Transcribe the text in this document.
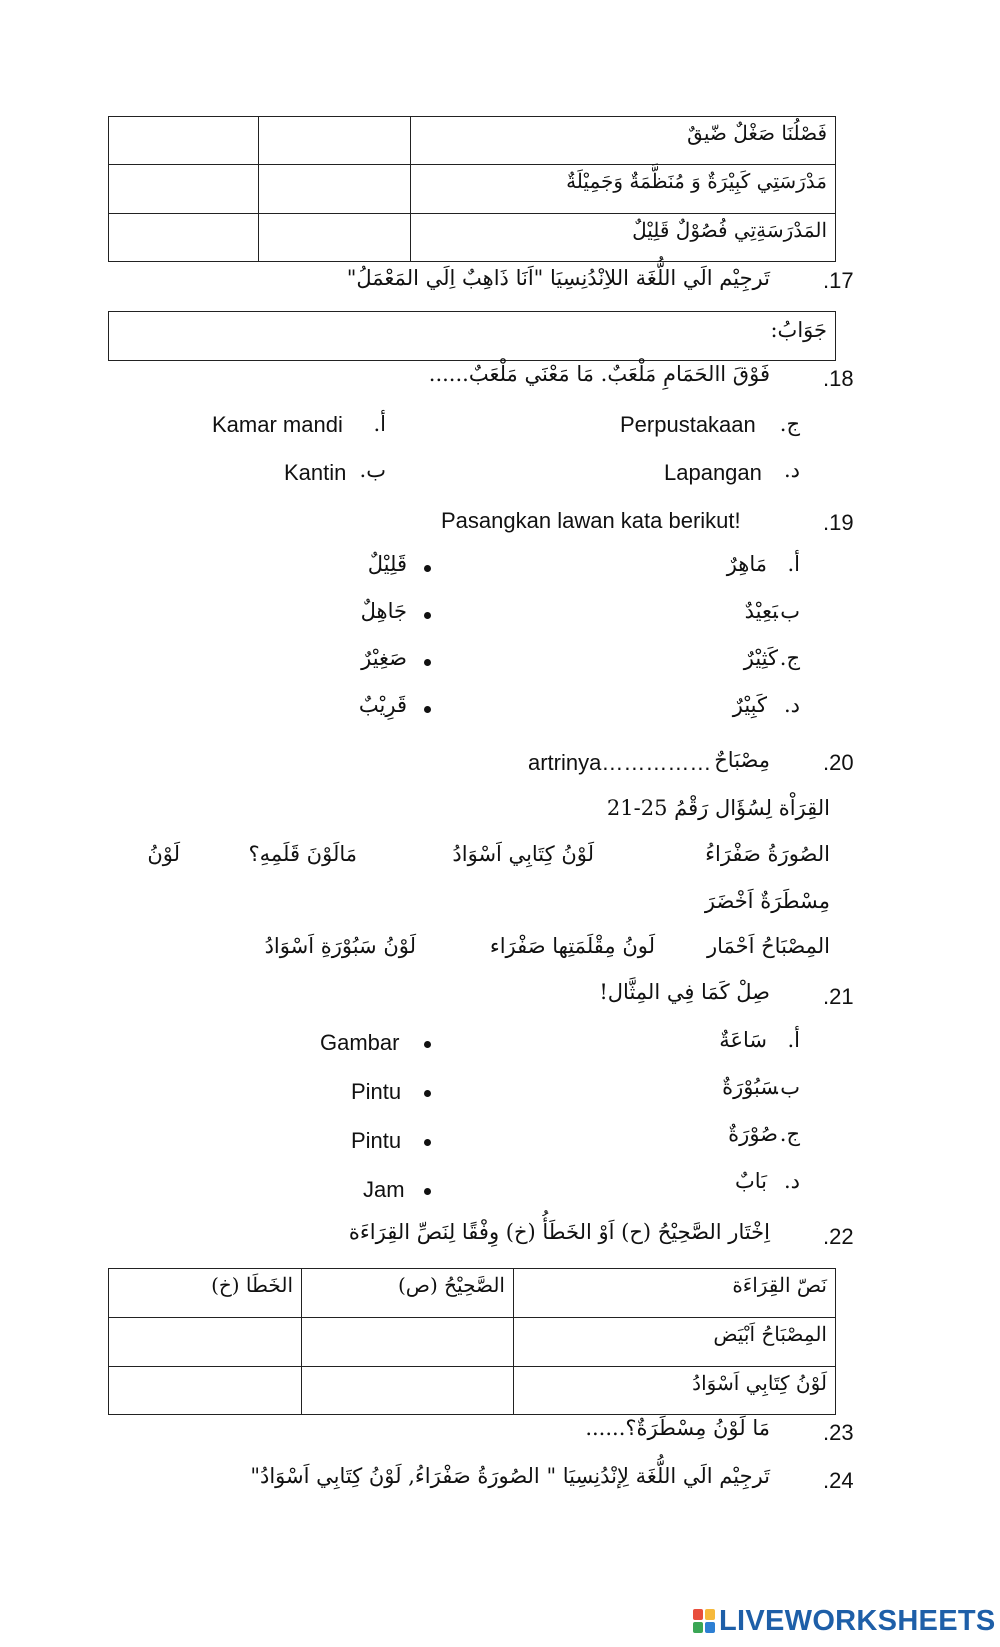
		فَصْلُنَا صَغْلٌ ضّيقٌ
		مَدْرَسَتِي كَبِيْرَةٌ وَ مُنَظَّمَةٌ وَجَمِيْلَةٌ
		المَدْرَسَةِتِي فُصُوْلٌ قَلِيْلٌ
.17
تَرجِيْم الَي اللُّغَة اللاِنْدُنِسِيَا "اَنَا ذَاهِبٌ اِلَي المَعْمَلُ"
جَوَابُ:
.18
فَوْقَ االحَمَامِ مَلْعَبٌ. مَا مَعْنَي مَلْعَبٌ......
Kamar mandi أ.
Kantin ب.
Perpustakaan ج.
Lapangan د.
.19
Pasangkan lawan kata berikut!
أ.
مَاهِرٌ
ب.
بَعِيْدٌ
ج.
كَثِيْرٌ
د.
كَبِيْرٌ
قَلِيْلٌ
جَاهِلٌ
صَغِيْرٌ
قَرِيْبٌ
.20
مِصْبَاحٌ
artrinya……………
القِرَاْة لِسُؤَال رَقْمُ 25-21
الصُورَةُ صَفْرَاءُ
لَوْنُ كِتَابِي اَسْوَادُ
مَالَوْنَ قَلَمِهِ؟
لَوْنُ
مِسْطَرَةٌ اَخْضَرَ
المِصْبَاحُ اَحْمَار
لَونُ مِقْلَمَتِها صَفْرَاء
لَوْنُ سَبُوْرَةِ اَسْوَادُ
.21
صِلْ كَمَا فِي المِثَّال!
أ.
سَاعَةٌ
ب.
سَبُوْرَةٌ
ج.
صُوْرَةٌ
د.
بَابٌ
Gambar
Pintu
Pintu
Jam
.22
اِخْتَار الصَّحِيْحُ (ح) اَوْ الخَطَأُ (خ) وِفْقًا لِنَصِّ القِرَاءَة
الخَطَا (خ)	الصَّحِيْحُ (ص)	نَصّ القِرَاءَة
		المِصْبَاحُ اَبْيَض
		لَوْنُ كِتَابِي اَسْوَادُ
.23
مَا لَوْنُ مِسْطَرَةٌ؟......
.24
تَرجِيْم الَي اللُّغَة لِإنْدُنِسِيَا " الصُورَةُ صَفْرَاءُ, لَوْنُ كِتَابِي اَسْوَادُ"
LIVEWORKSHEETS
